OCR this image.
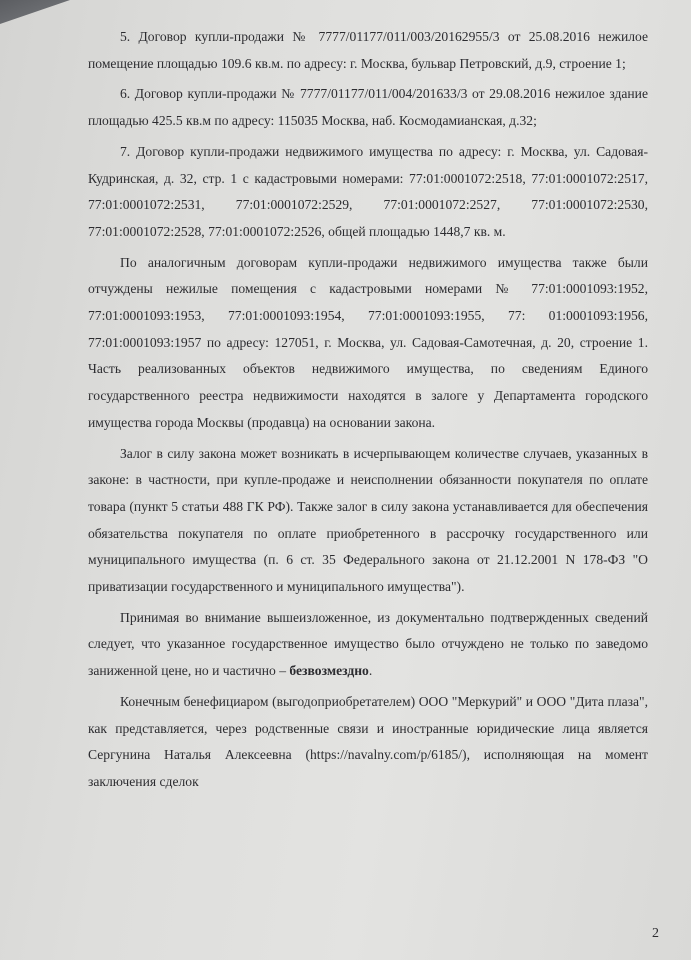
5. Договор купли-продажи № 7777/01177/011/003/20162955/3 от 25.08.2016 нежилое помещение площадью 109.6 кв.м. по адресу: г. Москва, бульвар Петровский, д.9, строение 1;

6. Договор купли-продажи № 7777/01177/011/004/201633/3 от 29.08.2016 нежилое здание площадью 425.5 кв.м по адресу: 115035 Москва, наб. Космодамианская, д.32;

7. Договор купли-продажи недвижимого имущества по адресу: г. Москва, ул. Садовая-Кудринская, д. 32, стр. 1 с кадастровыми номерами: 77:01:0001072:2518, 77:01:0001072:2517, 77:01:0001072:2531, 77:01:0001072:2529, 77:01:0001072:2527, 77:01:0001072:2530, 77:01:0001072:2528, 77:01:0001072:2526, общей площадью 1448,7 кв. м.

По аналогичным договорам купли-продажи недвижимого имущества также были отчуждены нежилые помещения с кадастровыми номерами № 77:01:0001093:1952, 77:01:0001093:1953, 77:01:0001093:1954, 77:01:0001093:1955, 77: 01:0001093:1956, 77:01:0001093:1957 по адресу: 127051, г. Москва, ул. Садовая-Самотечная, д. 20, строение 1. Часть реализованных объектов недвижимого имущества, по сведениям Единого государственного реестра недвижимости находятся в залоге у Департамента городского имущества города Москвы (продавца) на основании закона.

Залог в силу закона может возникать в исчерпывающем количестве случаев, указанных в законе: в частности, при купле-продаже и неисполнении обязанности покупателя по оплате товара (пункт 5 статьи 488 ГК РФ). Также залог в силу закона устанавливается для обеспечения обязательства покупателя по оплате приобретенного в рассрочку государственного или муниципального имущества (п. 6 ст. 35 Федерального закона от 21.12.2001 N 178-ФЗ "О приватизации государственного и муниципального имущества").

Принимая во внимание вышеизложенное, из документально подтвержденных сведений следует, что указанное государственное имущество было отчуждено не только по заведомо заниженной цене, но и частично – безвозмездно.

Конечным бенефициаром (выгодоприобретателем) ООО "Меркурий" и ООО "Дита плаза", как представляется, через родственные связи и иностранные юридические лица является Сергунина Наталья Алексеевна (https://navalny.com/p/6185/), исполняющая на момент заключения сделок

2
